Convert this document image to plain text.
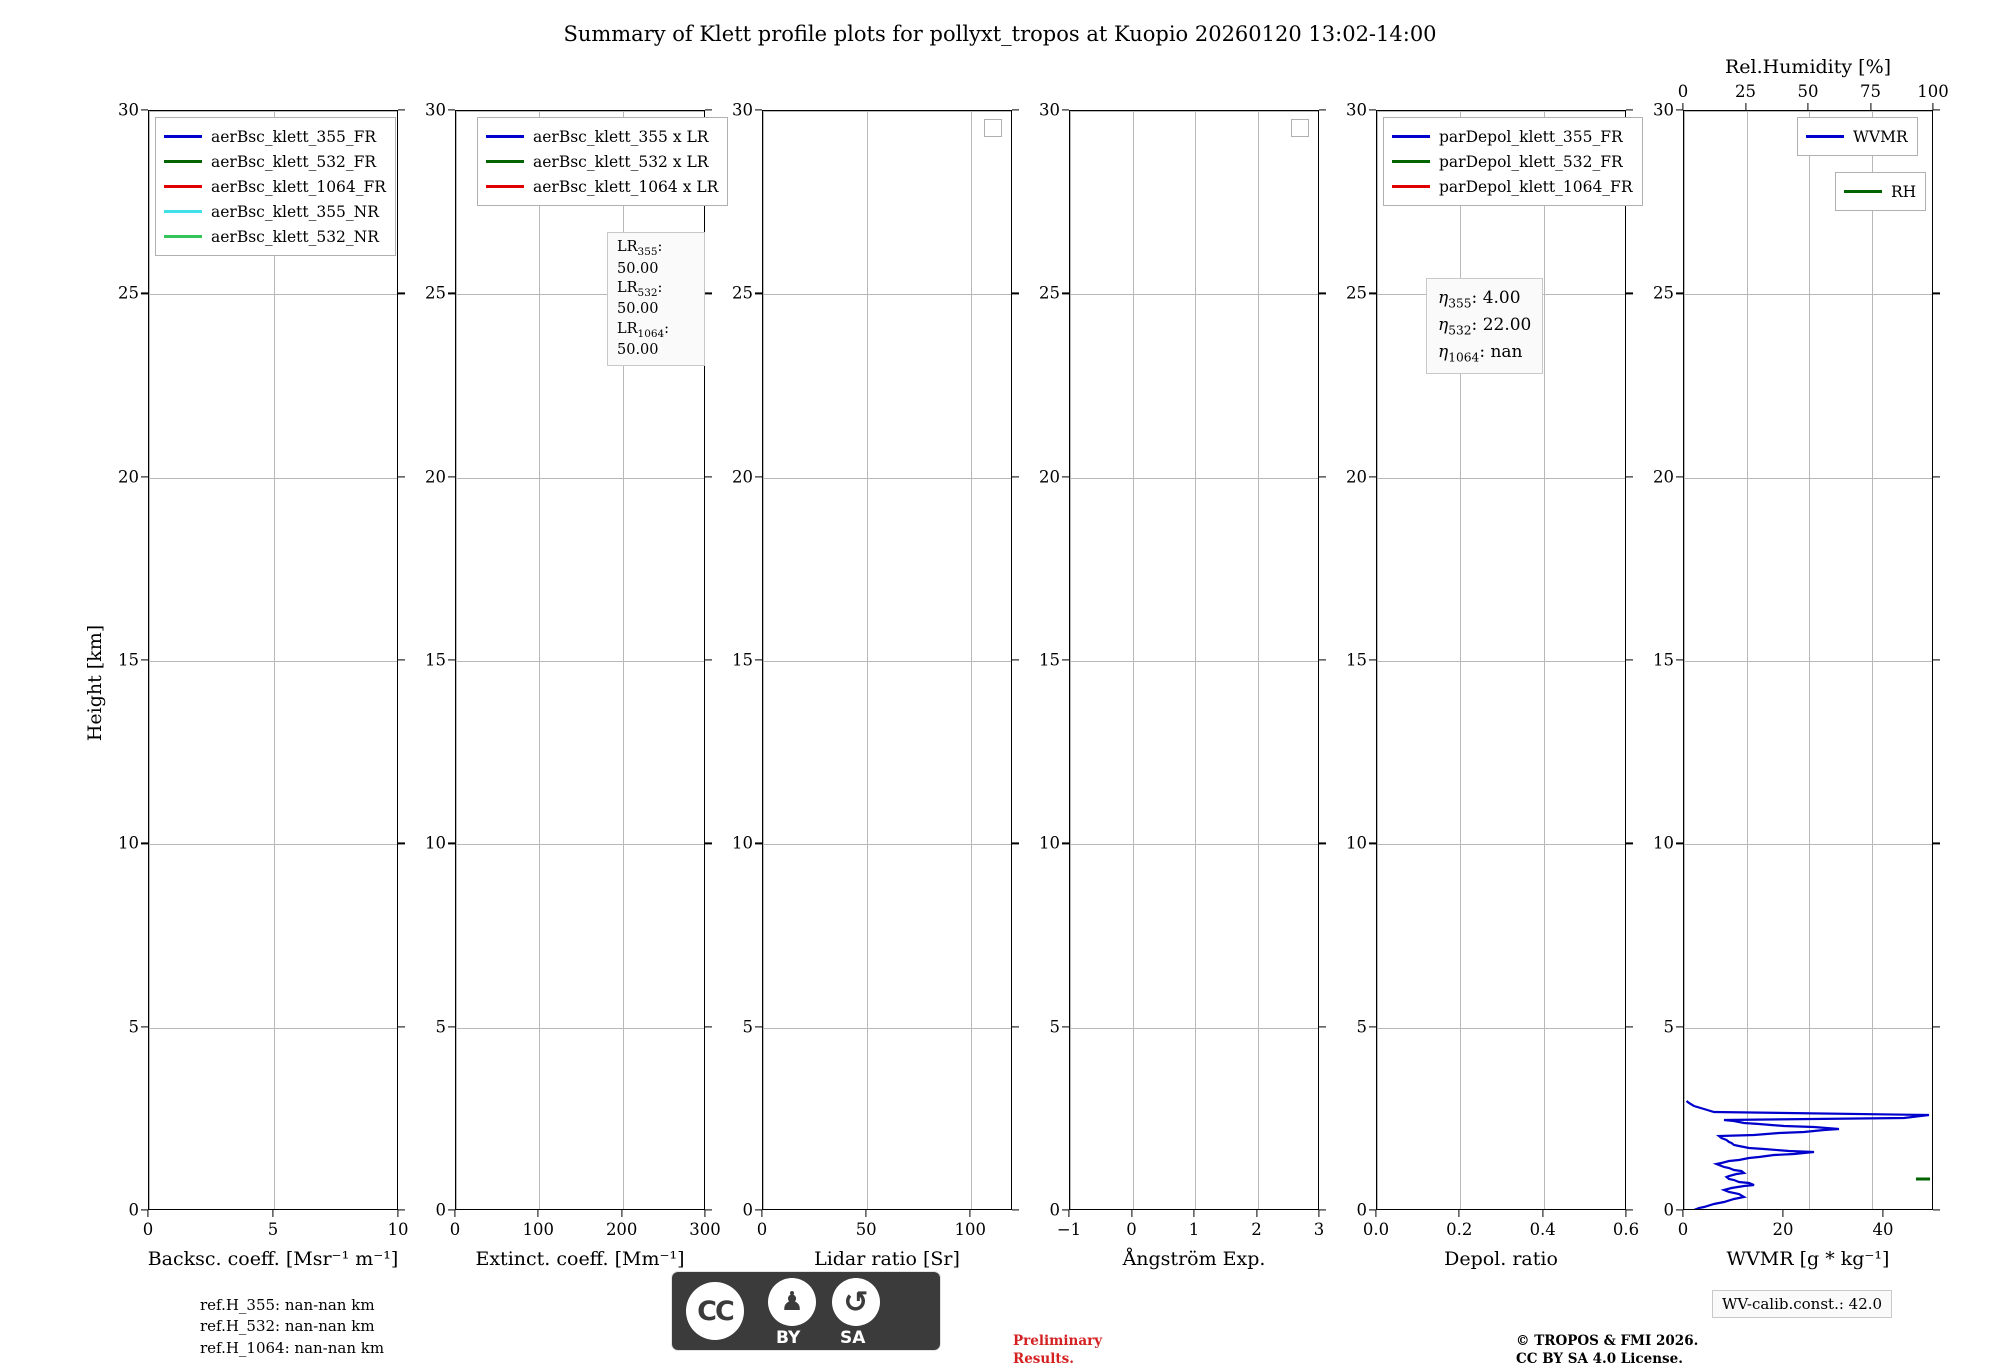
Summary of Klett profile plots for pollyxt_tropos at Kuopio 20260120 13:02-14:00
Height [km]
0
5
10
15
20
25
30
0	5	10
Backsc. coeff. [Msr⁻¹ m⁻¹]
aerBsc_klett_355_FR
aerBsc_klett_532_FR
aerBsc_klett_1064_FR
aerBsc_klett_355_NR
aerBsc_klett_532_NR
0
5
10
15
20
25
30
0	100	200	300
Extinct. coeff. [Mm⁻¹]
aerBsc_klett_355 x LR
aerBsc_klett_532 x LR
aerBsc_klett_1064 x LR
$LR_{355}$: 50.00
$LR_{532}$: 50.00
$LR_{1064}$: 50.00
0
5
10
15
20
25
30
0	50	100
Lidar ratio [Sr]
0
5
10
15
20
25
30
−1	0	1	2	3
Ångström Exp.
0
5
10
15
20
25
30
0.0	0.2	0.4	0.6
Depol. ratio
parDepol_klett_355_FR
parDepol_klett_532_FR
parDepol_klett_1064_FR
$\eta_{355}$: 4.00
$\eta_{532}$: 22.00
$\eta_{1064}$: nan
0
5
10
15
20
25
30
0	20	40
0	25	50	75 100
WVMR [g * kg⁻¹]
Rel.Humidity [%]
WVMR
RH
ref.H_355: nan-nan km
ref.H_532: nan-nan km
ref.H_1064: nan-nan km	Preliminary
Results.
© TROPOS & FMI 2026.
CC BY SA 4.0 License.
WV-calib.const.: 42.0
CC	♟	↺
BY SA
